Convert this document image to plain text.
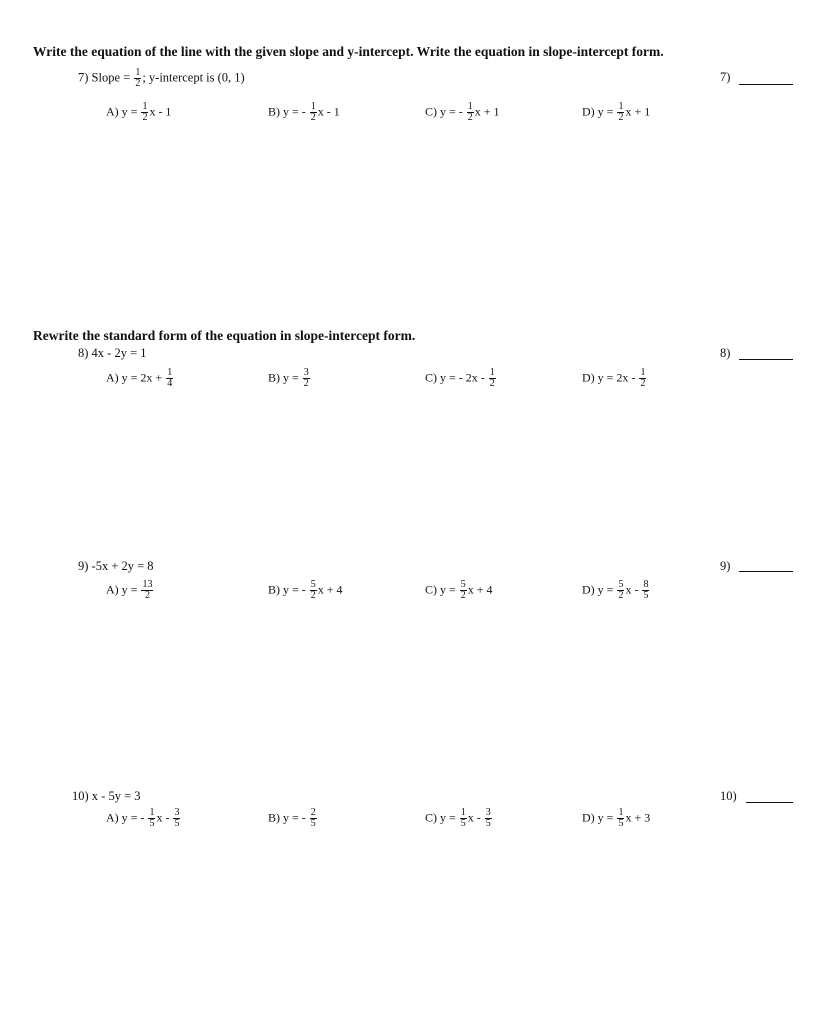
Write the equation of the line with the given slope and y-intercept. Write the equation in slope-intercept form.
Rewrite the standard form of the equation in slope-intercept form.
7) Slope = $\frac{1}{2}$ ; y-intercept is (0, 1)	7)
A) $y = \frac{1}{2}$ x - 1	B) y = - $\frac{1}{2}$ x - 1	C) y = - $\frac{1}{2}$ x + 1	D) $y = \frac{1}{2}$ x + 1
8) 4x - 2y = 1	8)
A) $y = 2x + \frac{1}{4}$	B) $y = \frac{3}{2}$	C) y = - $2x - \frac{1}{2}$	D) $y = 2x - \frac{1}{2}$
9) -5x + 2y = 8	9)
A) $y = \frac{13}{2}$	B) y = - $\frac{5}{2}$ x + 4	C) $y = \frac{5}{2}$ x + 4	D) $y = \frac{5}{2}$ x - $\frac{8}{5}$
10) x - 5y = 3	10)
A) y = - $\frac{1}{5}$ x - $\frac{3}{5}$	B) y = - $\frac{2}{5}$	C) $y = \frac{1}{5}$ x - $\frac{3}{5}$	D) $y = \frac{1}{5}$ x + 3
